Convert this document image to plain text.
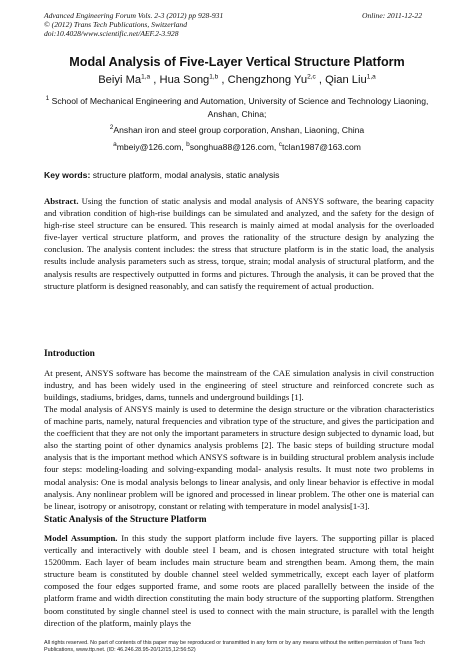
Advanced Engineering Forum Vols. 2-3 (2012) pp 928-931
© (2012) Trans Tech Publications, Switzerland
doi:10.4028/www.scientific.net/AEF.2-3.928
Online: 2011-12-22
Modal Analysis of Five-Layer Vertical Structure Platform
Beiyi Ma$^{1,a}$ , Hua Song$^{1,b}$ , Chengzhong Yu$^{2,c}$ , Qian Liu$^{1,a}$
$^1$ School of Mechanical Engineering and Automation, University of Science and Technology Liaoning, Anshan, China;
$^2$Anshan iron and steel group corporation, Anshan, Liaoning, China
$^a$mbeiy@126.com, $^b$songhua88@126.com, $^c$tclan1987@163.com
Key words: structure platform, modal analysis, static analysis

Abstract. Using the function of static analysis and modal analysis of ANSYS software, the bearing capacity and vibration condition of high-rise buildings can be simulated and analyzed, and the safety for the design of high-rise steel structure can be ensured. This research is mainly aimed at modal analysis for the overloaded five-layer vertical structure platform, and proves the rationality of the structure design by analyzing the conclusion. The analysis content includes: the stress that structure platform is in the static load, the analysis results include analysis parameters such as stress, torque, strain; modal analysis of structural platform, and the analysis results are respectively outputted in forms and pictures. Through the analysis, it can be proved that the structure platform is designed reasonably, and can satisfy the requirement of actual production.

Introduction

At present, ANSYS software has become the mainstream of the CAE simulation analysis in civil construction industry, and has been widely used in the engineering of steel structure and reinforced concrete such as buildings, stadiums, bridges, dams, tunnels and underground buildings [1].

The modal analysis of ANSYS mainly is used to determine the design structure or the vibration characteristics of machine parts, namely, natural frequencies and vibration type of the structure, and gives the participation and the coefficient that they are not only the important parameters in structure design subjected to dynamic load, but also the starting point of other dynamics analysis problems [2]. The basic steps of building structure modal analysis that is the important method which ANSYS software is in building structural problem analysis include four steps: modeling-loading and solving-expanding modal- analysis results. It must note two problems in modal analysis: One is modal analysis belongs to linear analysis, and only linear behavior is effective in modal analysis. Any nonlinear problem will be ignored and processed in linear problem. The other one is material can be linear, isotropy or anisotropy, constant or relating with temperature in model analysis[1-3].

Static Analysis of the Structure Platform

Model Assumption. In this study the support platform include five layers. The supporting pillar is placed vertically and interactively with double steel I beam, and is chosen integrated structure with total height 15200mm. Each layer of beam includes main structure beam and strengthen beam. Among them, the main structure beam is constituted by double channel steel welded symmetrically, except each layer of platform composed the four edges supported frame, and some roots are placed parallelly between the inside of the platform frame and width direction constituting the main body structure of the supporting platform. Strengthen boom constituted by single channel steel is used to connect with the main structure, is parallel with the length direction of the platform, mainly plays the

All rights reserved. No part of contents of this paper may be reproduced or transmitted in any form or by any means without the written permission of Trans Tech Publications, www.ttp.net. (ID: 46.246.28.95-20/12/15,12:56:52)
